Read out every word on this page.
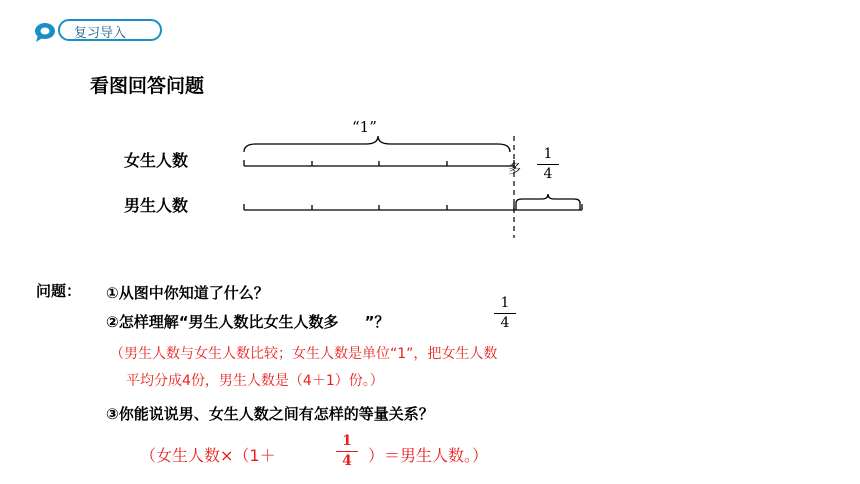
复习导入
看图回答问题
“1”
女生人数
男生人数
多
1
4
问题： ①从图中你知道了什么？
②怎样理解“男生人数比女生人数多 ”？
1
4
（男生人数与女生人数比较；女生人数是单位“1”，把女生人数
平均分成4份，男生人数是（4＋1）份。）
③你能说说男、女生人数之间有怎样的等量关系？
（女生人数×（1＋
1
4 ）＝男生人数。）
